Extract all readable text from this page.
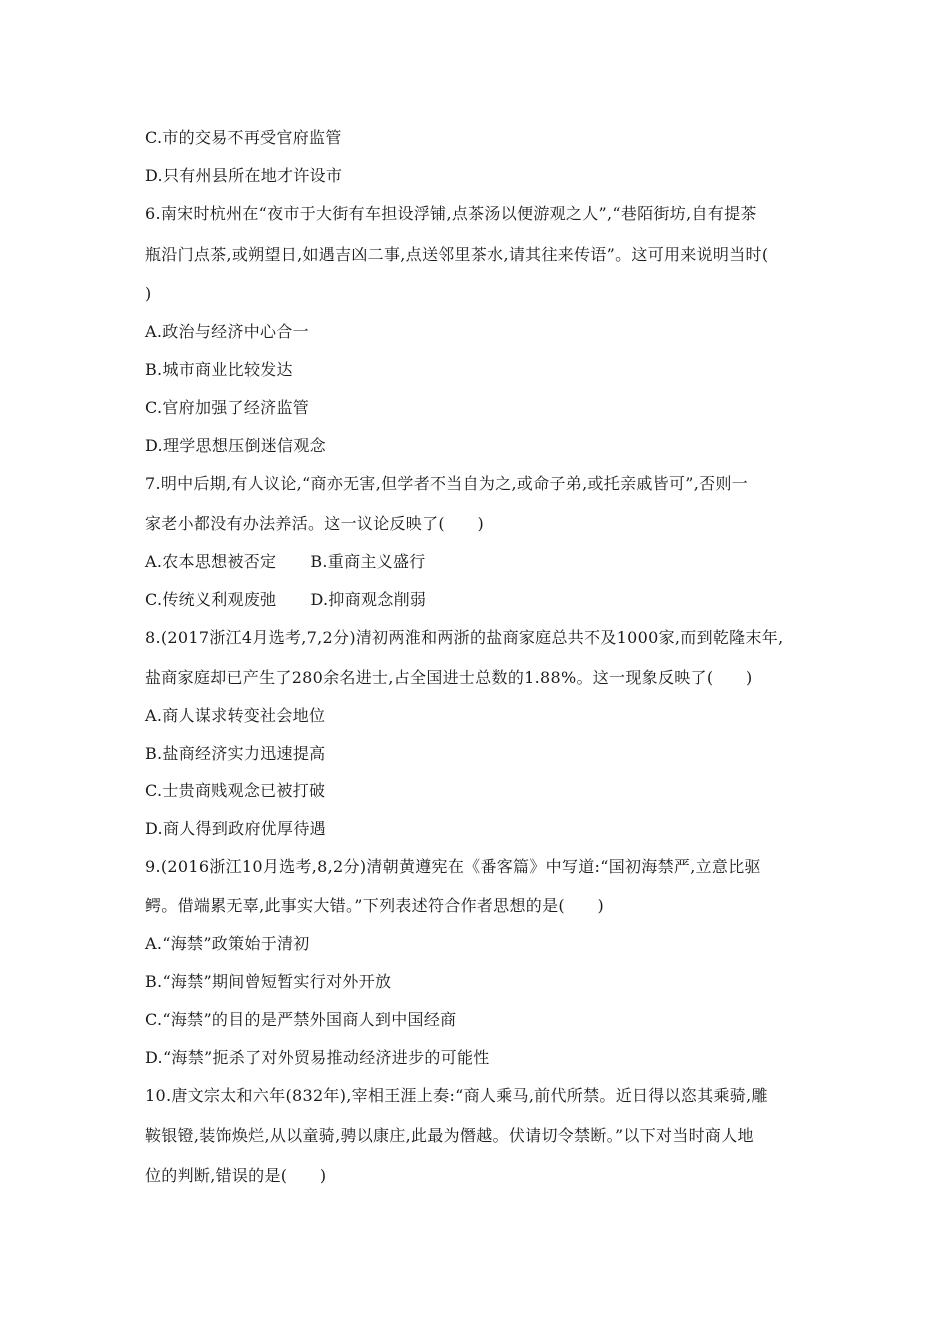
C.市的交易不再受官府监管
D.只有州县所在地才许设市
6.南宋时杭州在“夜市于大街有车担设浮铺,点茶汤以便游观之人”,“巷陌街坊,自有提茶
瓶沿门点茶,或朔望日,如遇吉凶二事,点送邻里茶水,请其往来传语”。这可用来说明当时(
)
A.政治与经济中心合一
B.城市商业比较发达
C.官府加强了经济监管
D.理学思想压倒迷信观念
7.明中后期,有人议论,“商亦无害,但学者不当自为之,或命子弟,或托亲戚皆可”,否则一
家老小都没有办法养活。这一议论反映了(　　)
A.农本思想被否定 B.重商主义盛行
C.传统义利观废弛 D.抑商观念削弱
8.(2017浙江4月选考,7,2分)清初两淮和两浙的盐商家庭总共不及1000家,而到乾隆末年,
盐商家庭却已产生了280余名进士,占全国进士总数的1.88%。这一现象反映了(　　)
A.商人谋求转变社会地位
B.盐商经济实力迅速提高
C.士贵商贱观念已被打破
D.商人得到政府优厚待遇
9.(2016浙江10月选考,8,2分)清朝黄遵宪在《番客篇》中写道:“国初海禁严,立意比驱
鳄。借端累无辜,此事实大错。”下列表述符合作者思想的是(　　)
A.“海禁”政策始于清初
B.“海禁”期间曾短暂实行对外开放
C.“海禁”的目的是严禁外国商人到中国经商
D.“海禁”扼杀了对外贸易推动经济进步的可能性
10.唐文宗太和六年(832年),宰相王涯上奏:“商人乘马,前代所禁。近日得以恣其乘骑,雕
鞍银镫,装饰焕烂,从以童骑,骋以康庄,此最为僭越。伏请切令禁断。”以下对当时商人地
位的判断,错误的是(　　)
